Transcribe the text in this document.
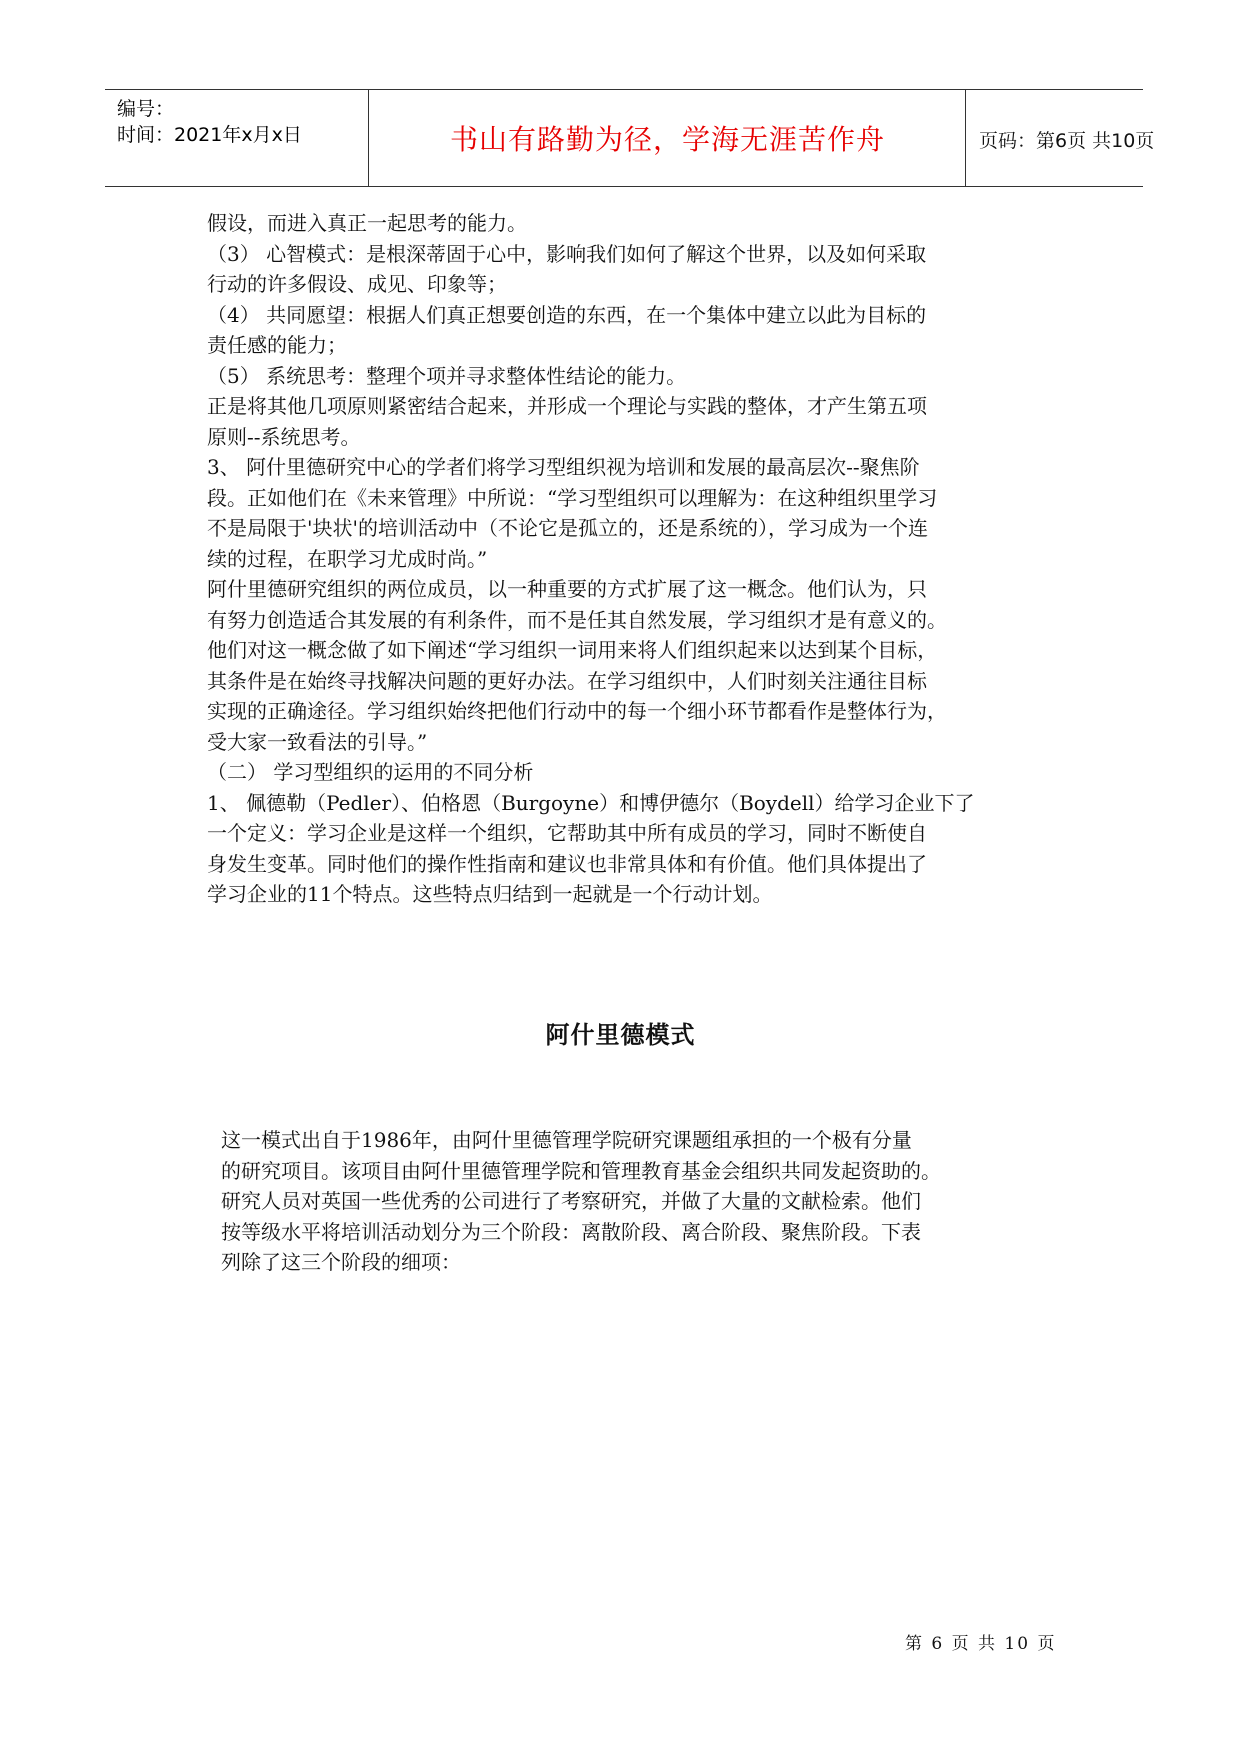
编号：
时间：2021年x月x日	书山有路勤为径，学海无涯苦作舟	页码：第6页 共10页

假设，而进入真正一起思考的能力。

（3） 心智模式：是根深蒂固于心中，影响我们如何了解这个世界，以及如何采取

行动的许多假设、成见、印象等；

（4） 共同愿望：根据人们真正想要创造的东西，在一个集体中建立以此为目标的

责任感的能力；

（5） 系统思考：整理个项并寻求整体性结论的能力。

正是将其他几项原则紧密结合起来，并形成一个理论与实践的整体，才产生第五项

原则--系统思考。

3、 阿什里德研究中心的学者们将学习型组织视为培训和发展的最高层次--聚焦阶

段。正如他们在《未来管理》中所说：“学习型组织可以理解为：在这种组织里学习

不是局限于'块状'的培训活动中（不论它是孤立的，还是系统的），学习成为一个连

续的过程，在职学习尤成时尚。”

阿什里德研究组织的两位成员，以一种重要的方式扩展了这一概念。他们认为，只

有努力创造适合其发展的有利条件，而不是任其自然发展，学习组织才是有意义的。

他们对这一概念做了如下阐述“学习组织一词用来将人们组织起来以达到某个目标，

其条件是在始终寻找解决问题的更好办法。在学习组织中，人们时刻关注通往目标

实现的正确途径。学习组织始终把他们行动中的每一个细小环节都看作是整体行为，

受大家一致看法的引导。”

（二） 学习型组织的运用的不同分析

1、 佩德勒（Pedler）、伯格恩（Burgoyne）和博伊德尔（Boydell）给学习企业下了

一个定义：学习企业是这样一个组织，它帮助其中所有成员的学习，同时不断使自

身发生变革。同时他们的操作性指南和建议也非常具体和有价值。他们具体提出了

学习企业的11个特点。这些特点归结到一起就是一个行动计划。

阿什里德模式

这一模式出自于1986年，由阿什里德管理学院研究课题组承担的一个极有分量

的研究项目。该项目由阿什里德管理学院和管理教育基金会组织共同发起资助的。

研究人员对英国一些优秀的公司进行了考察研究，并做了大量的文献检索。他们

按等级水平将培训活动划分为三个阶段：离散阶段、离合阶段、聚焦阶段。下表

列除了这三个阶段的细项：

第 6 页 共 10 页
